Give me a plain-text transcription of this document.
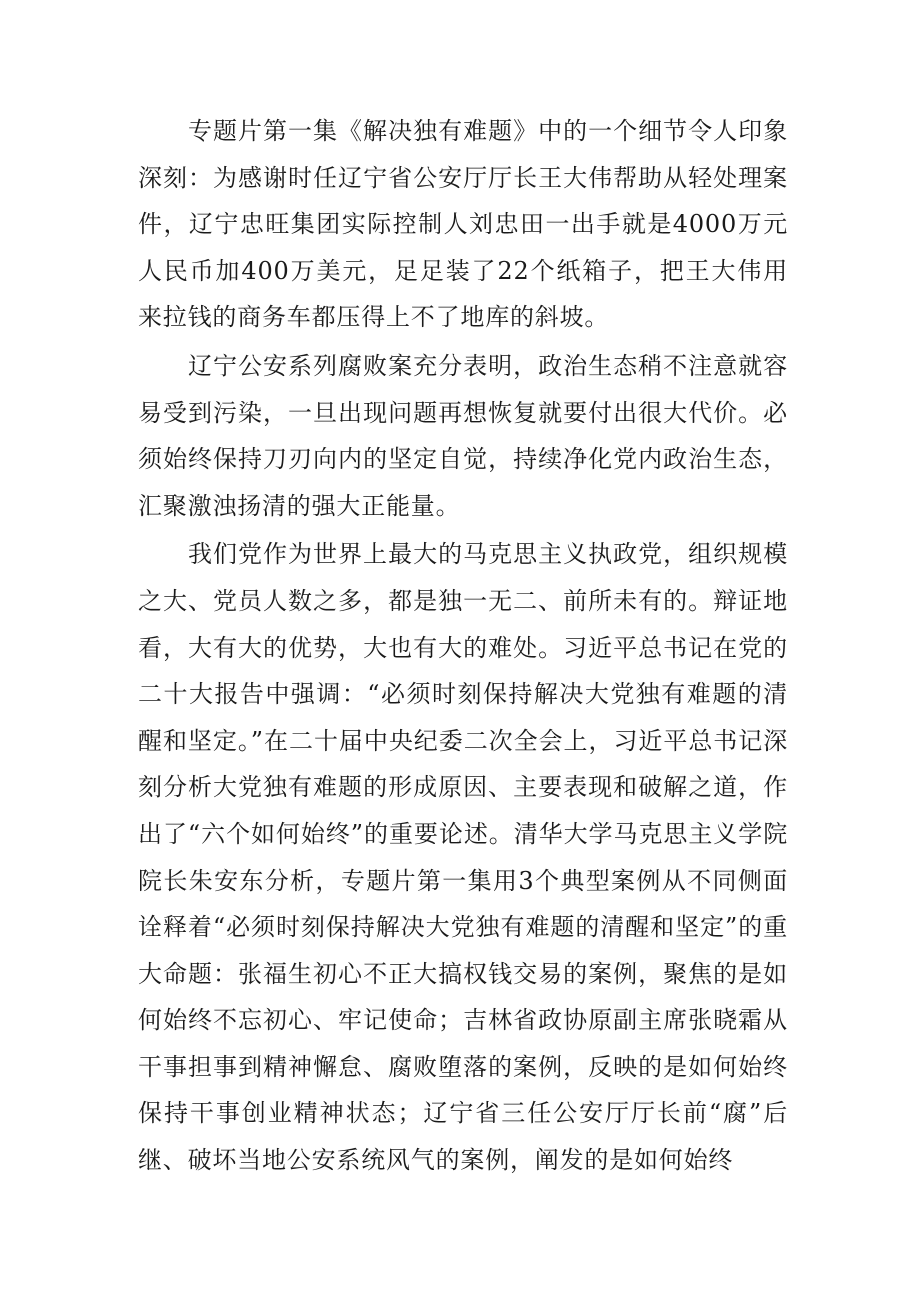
专题片第一集《解决独有难题》中的一个细节令人印象深刻：为感谢时任辽宁省公安厅厅长王大伟帮助从轻处理案件，辽宁忠旺集团实际控制人刘忠田一出手就是4000万元人民币加400万美元，足足装了22个纸箱子，把王大伟用来拉钱的商务车都压得上不了地库的斜坡。

辽宁公安系列腐败案充分表明，政治生态稍不注意就容易受到污染，一旦出现问题再想恢复就要付出很大代价。必须始终保持刀刃向内的坚定自觉，持续净化党内政治生态，汇聚激浊扬清的强大正能量。

我们党作为世界上最大的马克思主义执政党，组织规模之大、党员人数之多，都是独一无二、前所未有的。辩证地看，大有大的优势，大也有大的难处。习近平总书记在党的二十大报告中强调：“必须时刻保持解决大党独有难题的清醒和坚定。”在二十届中央纪委二次全会上，习近平总书记深刻分析大党独有难题的形成原因、主要表现和破解之道，作出了“六个如何始终”的重要论述。清华大学马克思主义学院院长朱安东分析，专题片第一集用3个典型案例从不同侧面诠释着“必须时刻保持解决大党独有难题的清醒和坚定”的重大命题：张福生初心不正大搞权钱交易的案例，聚焦的是如何始终不忘初心、牢记使命；吉林省政协原副主席张晓霜从干事担事到精神懈怠、腐败堕落的案例，反映的是如何始终保持干事创业精神状态；辽宁省三任公安厅厅长前“腐”后继、破坏当地公安系统风气的案例，阐发的是如何始终
